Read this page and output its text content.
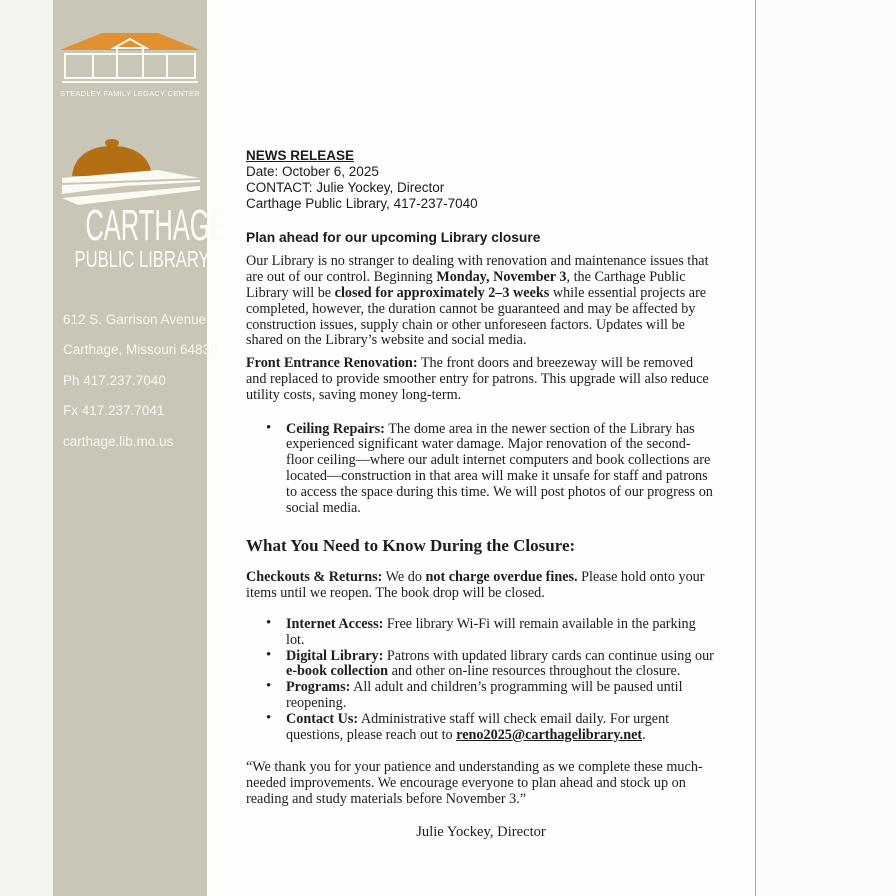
STEADLEY FAMILY LEGACY CENTER
CARTHAGE
PUBLIC LIBRARY
612 S. Garrison Avenue
Carthage, Missouri 64836
Ph 417.237.7040
Fx 417.237.7041
carthage.lib.mo.us
NEWS RELEASE
Date: October 6, 2025
CONTACT: Julie Yockey, Director
Carthage Public Library, 417-237-7040
Plan ahead for our upcoming Library closure

Our Library is no stranger to dealing with renovation and maintenance issues that are out of our control. Beginning Monday, November 3, the Carthage Public Library will be closed for approximately 2–3 weeks while essential projects are completed, however, the duration cannot be guaranteed and may be affected by construction issues, supply chain or other unforeseen factors. Updates will be shared on the Library’s website and social media.

Front Entrance Renovation: The front doors and breezeway will be removed and replaced to provide smoother entry for patrons. This upgrade will also reduce utility costs, saving money long-term.

• Ceiling Repairs: The dome area in the newer section of the Library has experienced significant water damage. Major renovation of the second-floor ceiling—where our adult internet computers and book collections are located—construction in that area will make it unsafe for staff and patrons to access the space during this time. We will post photos of our progress on social media.
What You Need to Know During the Closure:

Checkouts & Returns: We do not charge overdue fines. Please hold onto your items until we reopen. The book drop will be closed.

• Internet Access: Free library Wi-Fi will remain available in the parking lot.
• Digital Library: Patrons with updated library cards can continue using our e-book collection and other on-line resources throughout the closure.
• Programs: All adult and children’s programming will be paused until reopening.
• Contact Us: Administrative staff will check email daily. For urgent questions, please reach out to reno2025@carthagelibrary.net.

“We thank you for your patience and understanding as we complete these much-needed improvements. We encourage everyone to plan ahead and stock up on reading and study materials before November 3.”

Julie Yockey, Director
